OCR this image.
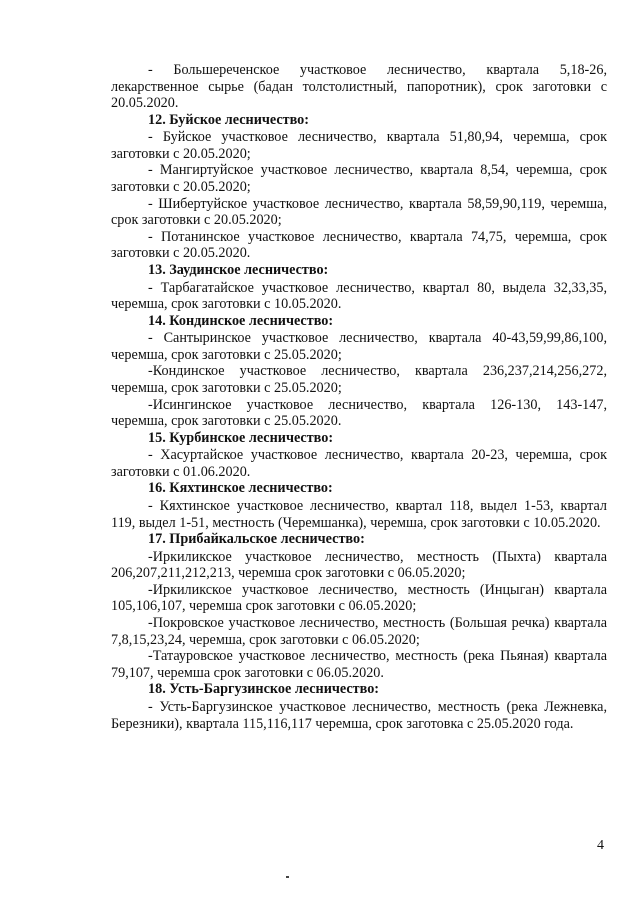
- Большереченское участковое лесничество, квартала 5,18-26, лекарственное сырье (бадан толстолистный, папоротник), срок заготовки с 20.05.2020.

12. Буйское лесничество:

- Буйское участковое лесничество, квартала 51,80,94, черемша, срок заготовки с 20.05.2020;

- Мангиртуйское участковое лесничество, квартала 8,54, черемша, срок заготовки с 20.05.2020;

- Шибертуйское участковое лесничество, квартала 58,59,90,119, черемша, срок заготовки с 20.05.2020;

- Потанинское участковое лесничество, квартала 74,75, черемша, срок заготовки с 20.05.2020.

13. Заудинское лесничество:

- Тарбагатайское участковое лесничество, квартал 80, выдела 32,33,35, черемша, срок заготовки с 10.05.2020.

14. Кондинское лесничество:

- Сантыринское участковое лесничество, квартала 40-43,59,99,86,100, черемша, срок заготовки с 25.05.2020;

-Кондинское участковое лесничество, квартала 236,237,214,256,272, черемша, срок заготовки с 25.05.2020;

-Исингинское участковое лесничество, квартала 126-130, 143-147, черемша, срок заготовки с 25.05.2020.

15. Курбинское лесничество:

- Хасуртайское участковое лесничество, квартала 20-23, черемша, срок заготовки с 01.06.2020.

16. Кяхтинское лесничество:

- Кяхтинское участковое лесничество, квартал 118, выдел 1-53, квартал 119, выдел 1-51, местность (Черемшанка), черемша, срок заготовки с 10.05.2020.

17. Прибайкальское лесничество:

-Иркиликское участковое лесничество, местность (Пыхта) квартала 206,207,211,212,213, черемша срок заготовки с 06.05.2020;

-Иркиликское участковое лесничество, местность (Инцыган) квартала 105,106,107, черемша срок заготовки с 06.05.2020;

-Покровское участковое лесничество, местность (Большая речка) квартала 7,8,15,23,24, черемша, срок заготовки с 06.05.2020;

-Татауровское участковое лесничество, местность (река Пьяная) квартала 79,107, черемша срок заготовки с 06.05.2020.

18. Усть-Баргузинское лесничество:

- Усть-Баргузинское участковое лесничество, местность (река Лежневка, Березники), квартала 115,116,117 черемша, срок заготовка с 25.05.2020 года.

4
